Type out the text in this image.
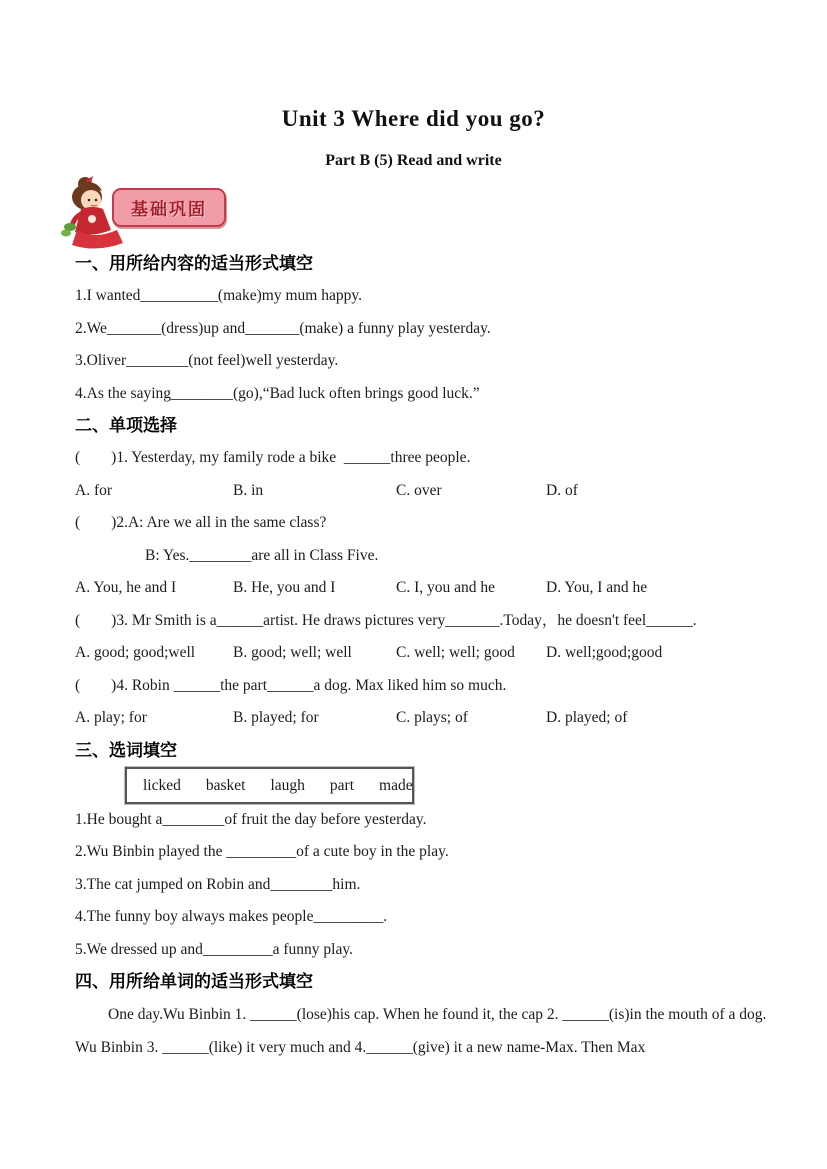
Unit 3 Where did you go?
Part B (5) Read and write
基础巩固
一、用所给内容的适当形式填空
1.I wanted__________(make)my mum happy.
2.We_______(dress)up and_______(make) a funny play yesterday.
3.Oliver________(not feel)well yesterday.
4.As the saying________(go),“Bad luck often brings good luck.”
二、单项选择
(        )1. Yesterday, my family rode a bike  ______three people.
A. for	B. in	C. over	D. of
(        )2.A: Are we all in the same class?
B: Yes.________are all in Class Five.
A. You, he and I	B. He, you and I	C. I, you and he	D. You, I and he
(        )3. Mr Smith is a______artist. He draws pictures very_______.Today，he doesn't feel______.
A. good; good;well	B. good; well; well	C. well; well; good	D. well;good;good
(        )4. Robin ______the part______a dog. Max liked him so much.
A. play; for	B. played; for	C. plays; of	D. played; of
三、选词填空
licked basket laugh part made
1.He bought a________of fruit the day before yesterday.
2.Wu Binbin played the _________of a cute boy in the play.
3.The cat jumped on Robin and________him.
4.The funny boy always makes people_________.
5.We dressed up and_________a funny play.
四、用所给单词的适当形式填空
One day.Wu Binbin 1. ______(lose)his cap. When he found it, the cap 2. ______(is)in the mouth of a dog. Wu Binbin 3. ______(like) it very much and 4.______(give) it a new name-Max. Then Max
